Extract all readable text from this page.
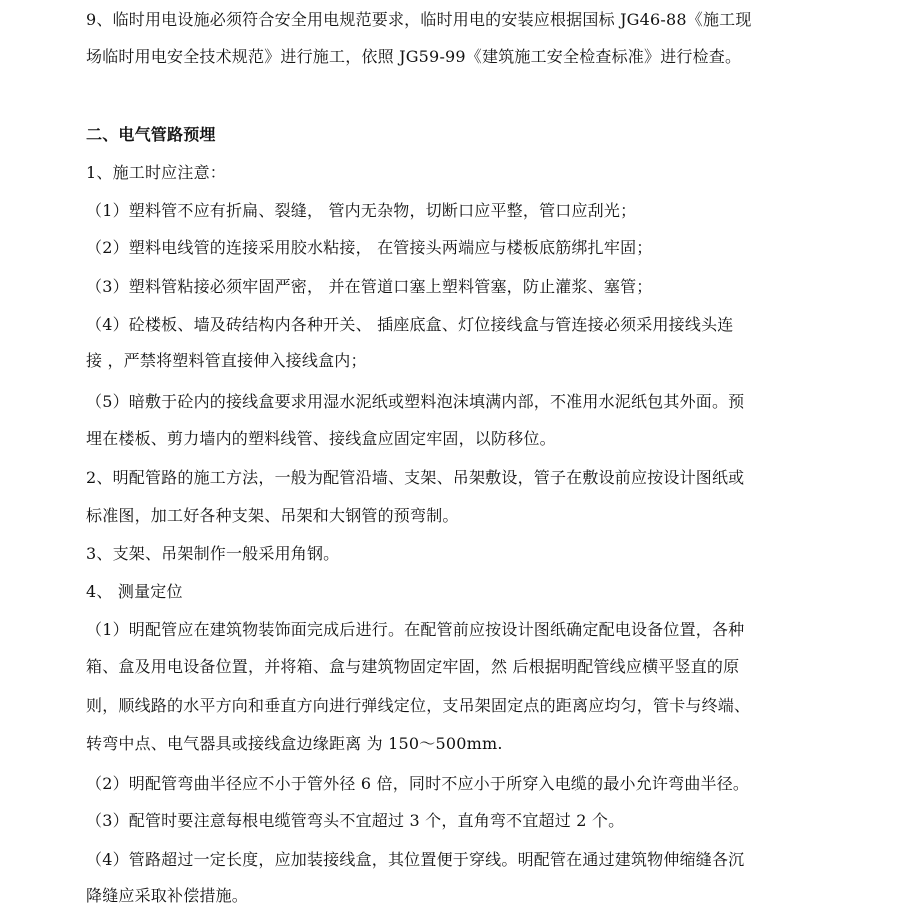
9、临时用电设施必须符合安全用电规范要求，临时用电的安装应根据国标 JG46-88《施工现
场临时用电安全技术规范》进行施工，依照 JG59-99《建筑施工安全检查标准》进行检查。
二、电气管路预埋
1、施工时应注意：
（1）塑料管不应有折扁、裂缝， 管内无杂物，切断口应平整，管口应刮光；
（2）塑料电线管的连接采用胶水粘接， 在管接头两端应与楼板底筋绑扎牢固；
（3）塑料管粘接必须牢固严密， 并在管道口塞上塑料管塞，防止灌浆、塞管；
（4）砼楼板、墙及砖结构内各种开关、 插座底盒、灯位接线盒与管连接必须采用接线头连
接 ，严禁将塑料管直接伸入接线盒内；
（5）暗敷于砼内的接线盒要求用湿水泥纸或塑料泡沫填满内部，不准用水泥纸包其外面。预
埋在楼板、剪力墙内的塑料线管、接线盒应固定牢固，以防移位。
2、明配管路的施工方法，一般为配管沿墙、支架、吊架敷设，管子在敷设前应按设计图纸或
标准图，加工好各种支架、吊架和大钢管的预弯制。
3、支架、吊架制作一般采用角钢。
4、 测量定位
（1）明配管应在建筑物装饰面完成后进行。在配管前应按设计图纸确定配电设备位置，各种
箱、盒及用电设备位置，并将箱、盒与建筑物固定牢固，然 后根据明配管线应横平竖直的原
则，顺线路的水平方向和垂直方向进行弹线定位，支吊架固定点的距离应均匀，管卡与终端、
转弯中点、电气器具或接线盒边缘距离 为 150～500mm.
（2）明配管弯曲半径应不小于管外径 6 倍，同时不应小于所穿入电缆的最小允许弯曲半径。
（3）配管时要注意每根电缆管弯头不宜超过 3 个，直角弯不宜超过 2 个。
（4）管路超过一定长度，应加装接线盒，其位置便于穿线。明配管在通过建筑物伸缩缝各沉
降缝应采取补偿措施。
